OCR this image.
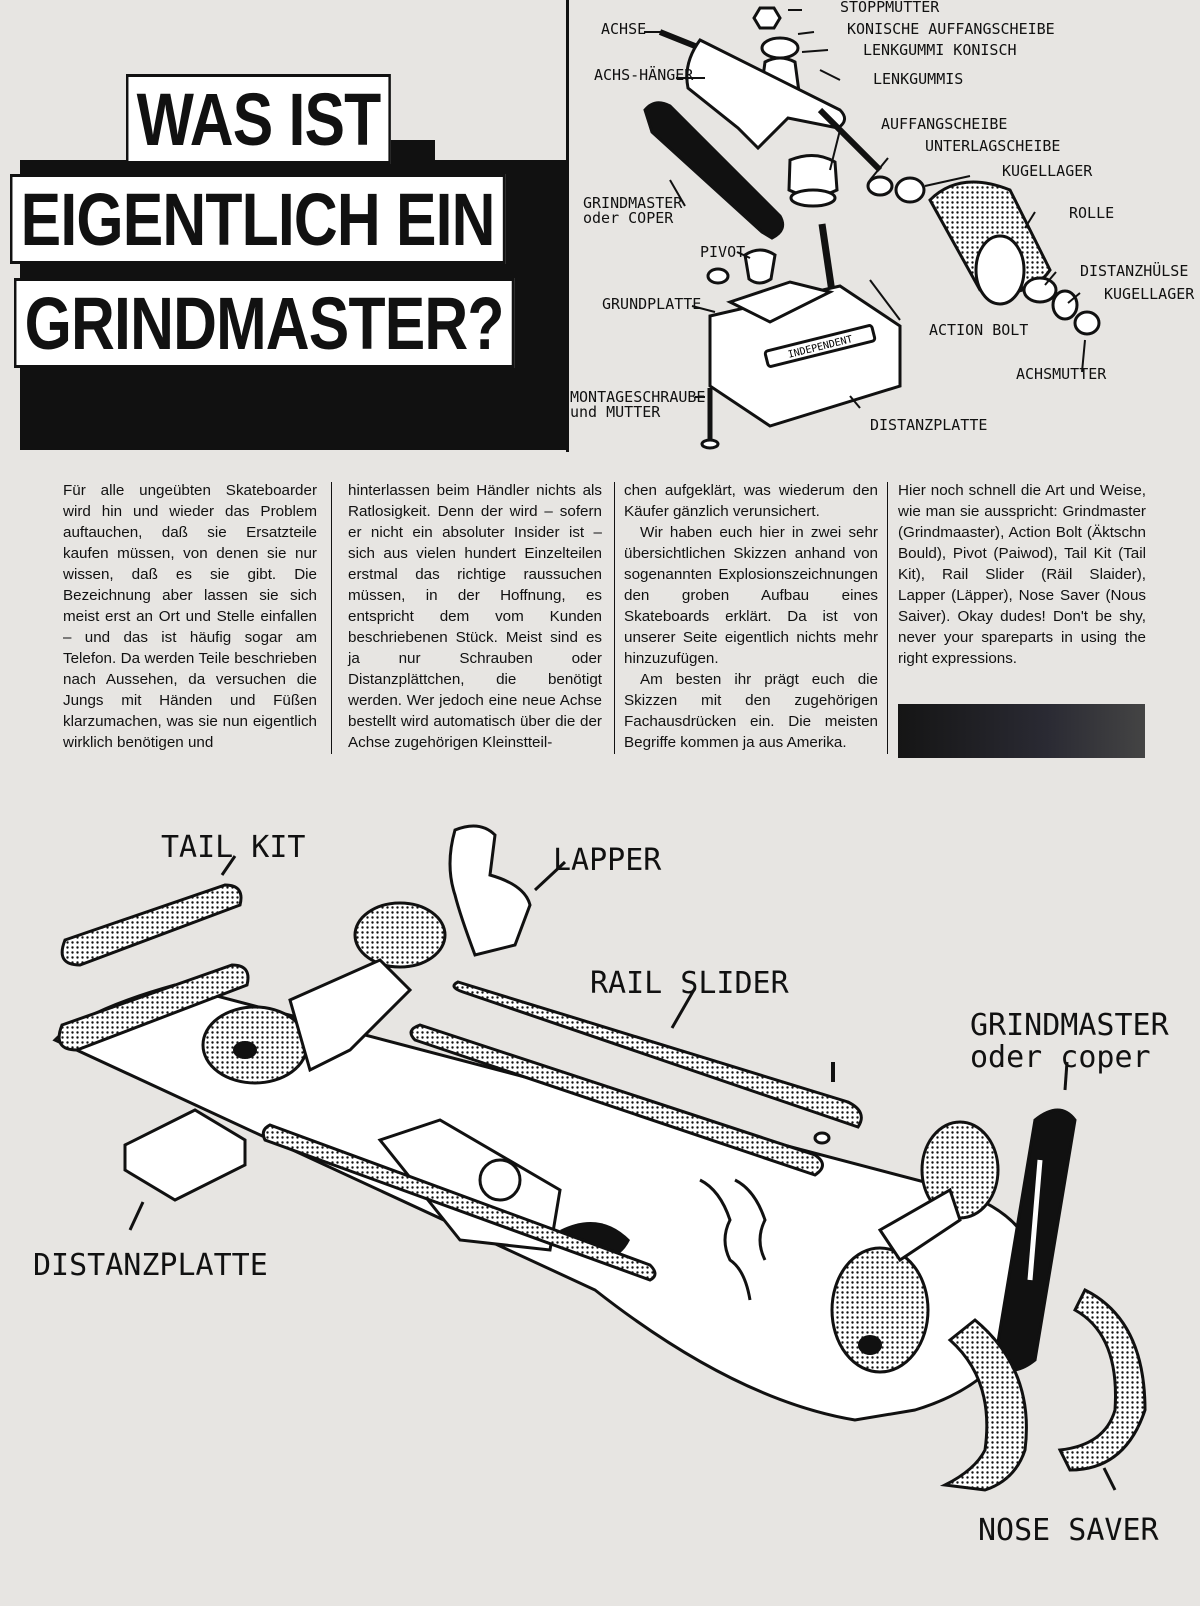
WAS IST
EIGENTLICH EIN
GRINDMASTER?	INDEPENDENT
STOPPMUTTER
ACHSE	KONISCHE AUFFANGSCHEIBE
LENKGUMMI KONISCH
ACHS-HÄNGER	LENKGUMMIS
AUFFANGSCHEIBE
UNTERLAGSCHEIBE
KUGELLAGER
GRINDMASTER
oder COPER	ROLLE
PIVOT
DISTANZHÜLSE
KUGELLAGER
GRUNDPLATTE
ACTION BOLT
ACHSMUTTER
MONTAGESCHRAUBE
und MUTTER
DISTANZPLATTE

Für alle ungeübten Skateboarder wird hin und wieder das Problem auftauchen, daß sie Ersatzteile kaufen müssen, von denen sie nur wissen, daß es sie gibt. Die Bezeichnung aber lassen sie sich meist erst an Ort und Stelle einfallen – und das ist häufig sogar am Telefon. Da werden Teile beschrieben nach Aussehen, da versuchen die Jungs mit Händen und Füßen klarzumachen, was sie nun eigentlich wirklich benötigen und

hinterlassen beim Händler nichts als Ratlosigkeit. Denn der wird – sofern er nicht ein absoluter Insider ist – sich aus vielen hundert Einzelteilen erstmal das richtige raussuchen müssen, in der Hoffnung, es entspricht dem vom Kunden beschriebenen Stück. Meist sind es ja nur Schrauben oder Distanzplättchen, die benötigt werden. Wer jedoch eine neue Achse bestellt wird automatisch über die der Achse zugehörigen Kleinstteil-

chen aufgeklärt, was wiederum den Käufer gänzlich verunsichert.

Wir haben euch hier in zwei sehr übersichtlichen Skizzen anhand von sogenannten Explosionszeichnungen den groben Aufbau eines Skateboards erklärt. Da ist von unserer Seite eigentlich nichts mehr hinzuzufügen.

Am besten ihr prägt euch die Skizzen mit den zugehörigen Fachausdrücken ein. Die meisten Begriffe kommen ja aus Amerika.

Hier noch schnell die Art und Weise, wie man sie ausspricht: Grindmaster (Grindmaaster), Action Bolt (Äktschn Bould), Pivot (Paiwod), Tail Kit (Tail Kit), Rail Slider (Räil Slaider), Lapper (Läpper), Nose Saver (Nous Saiver). Okay dudes! Don't be shy, never your spareparts in using the right expressions.

TAIL KIT	LAPPER
RAIL SLIDER
GRINDMASTER
oder coper
DISTANZPLATTE
NOSE SAVER
